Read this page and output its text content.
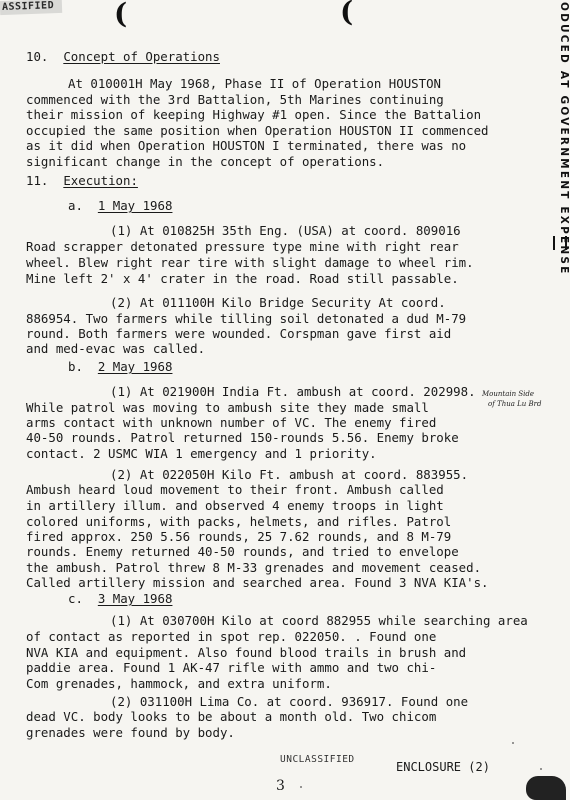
ASSIFIED (	(	ODUCED AT GOVERNMENT EXPENSE
10. Concept of Operations
At 010001H May 1968, Phase II of Operation HOUSTON
commenced with the 3rd Battalion, 5th Marines continuing
their mission of keeping Highway #1 open. Since the Battalion
occupied the same position when Operation HOUSTON II commenced
as it did when Operation HOUSTON I terminated, there was no
significant change in the concept of operations.
11. Execution:
a. 1 May 1968
(1) At 010825H 35th Eng. (USA) at coord. 809016
Road scrapper detonated pressure type mine with right rear
wheel. Blew right rear tire with slight damage to wheel rim.
Mine left 2' x 4' crater in the road. Road still passable.
(2) At 011100H Kilo Bridge Security At coord.
886954. Two farmers while tilling soil detonated a dud M-79
round. Both farmers were wounded. Corspman gave first aid
and med-evac was called.
b. 2 May 1968
(1) At 021900H India Ft. ambush at coord. 202998.
While patrol was moving to ambush site they made small
Mountain Side
of Thua Lu Brd
arms contact with unknown number of VC. The enemy fired
40-50 rounds. Patrol returned 150-rounds 5.56. Enemy broke
contact. 2 USMC WIA 1 emergency and 1 priority.
(2) At 022050H Kilo Ft. ambush at coord. 883955.
Ambush heard loud movement to their front. Ambush called
in artillery illum. and observed 4 enemy troops in light
colored uniforms, with packs, helmets, and rifles. Patrol
fired approx. 250 5.56 rounds, 25 7.62 rounds, and 8 M-79
rounds. Enemy returned 40-50 rounds, and tried to envelope
the ambush. Patrol threw 8 M-33 grenades and movement ceased.
Called artillery mission and searched area. Found 3 NVA KIA's.
c. 3 May 1968
(1) At 030700H Kilo at coord 882955 while searching area
of contact as reported in spot rep. 022050. . Found one
NVA KIA and equipment. Also found blood trails in brush and
paddie area. Found 1 AK-47 rifle with ammo and two chi-
Com grenades, hammock, and extra uniform.
(2) 031100H Lima Co. at coord. 936917. Found one
dead VC. body looks to be about a month old. Two chicom
grenades were found by body.
UNCLASSIFIED
ENCLOSURE (2)
3
